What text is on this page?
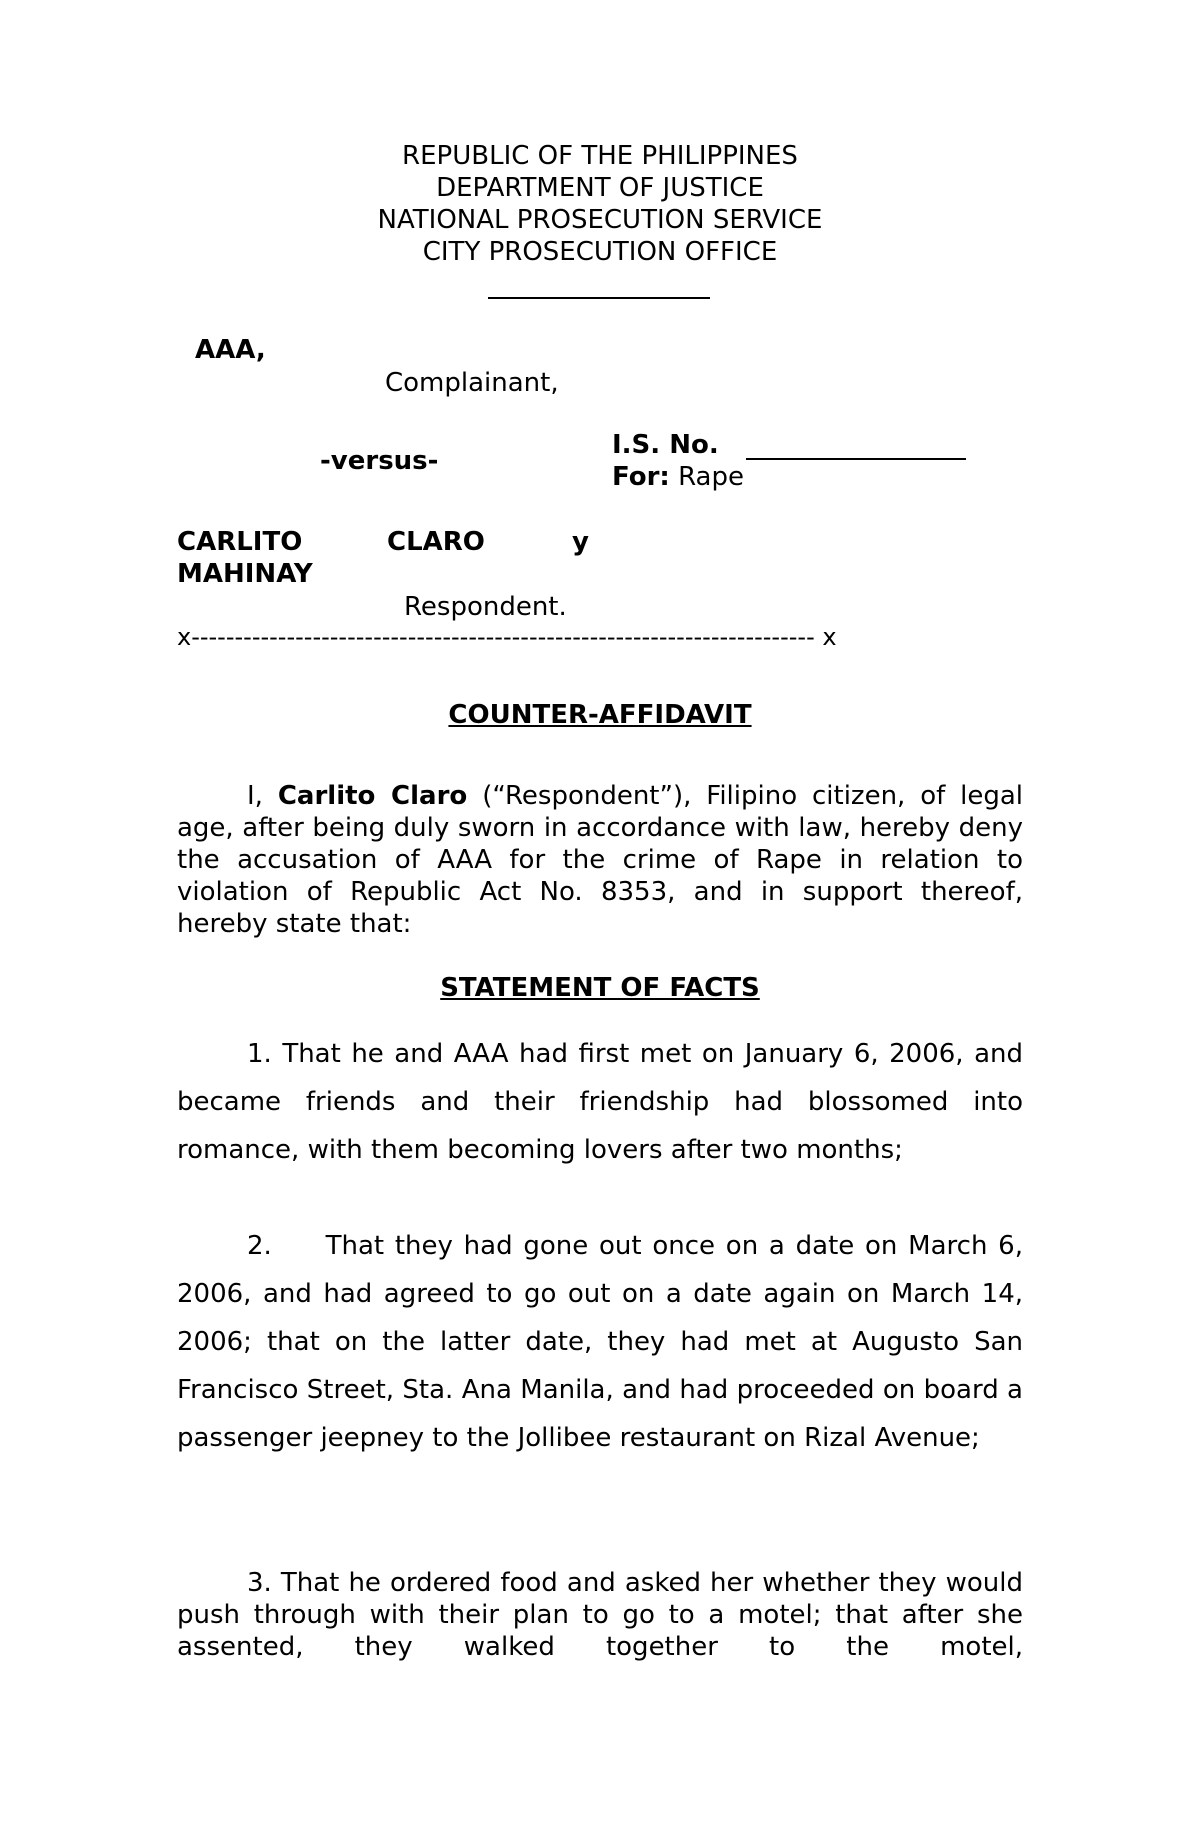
REPUBLIC OF THE PHILIPPINES
DEPARTMENT OF JUSTICE
NATIONAL PROSECUTION SERVICE
CITY PROSECUTION OFFICE
AAA,
Complainant,
-versus-
I.S. No.
For: Rape
CARLITO	CLARO	y
MAHINAY
Respondent.
x------------------------------------------------------------------------ x
COUNTER-AFFIDAVIT
I, Carlito Claro (“Respondent”), Filipino citizen, of legal age, after being duly sworn in accordance with law, hereby deny the accusation of AAA for the crime of Rape in relation to violation of Republic Act No. 8353, and in support thereof, hereby state that:
STATEMENT OF FACTS
1. That he and AAA had first met on January 6, 2006, and became friends and their friendship had blossomed into romance, with them becoming lovers after two months;
2.     That they had gone out once on a date on March 6, 2006, and had agreed to go out on a date again on March 14, 2006; that on the latter date, they had met at Augusto San Francisco Street, Sta. Ana Manila, and had proceeded on board a passenger jeepney to the Jollibee restaurant on Rizal Avenue;
3. That he ordered food and asked her whether they would push through with their plan to go to a motel; that after she assented, they walked together to the motel,
